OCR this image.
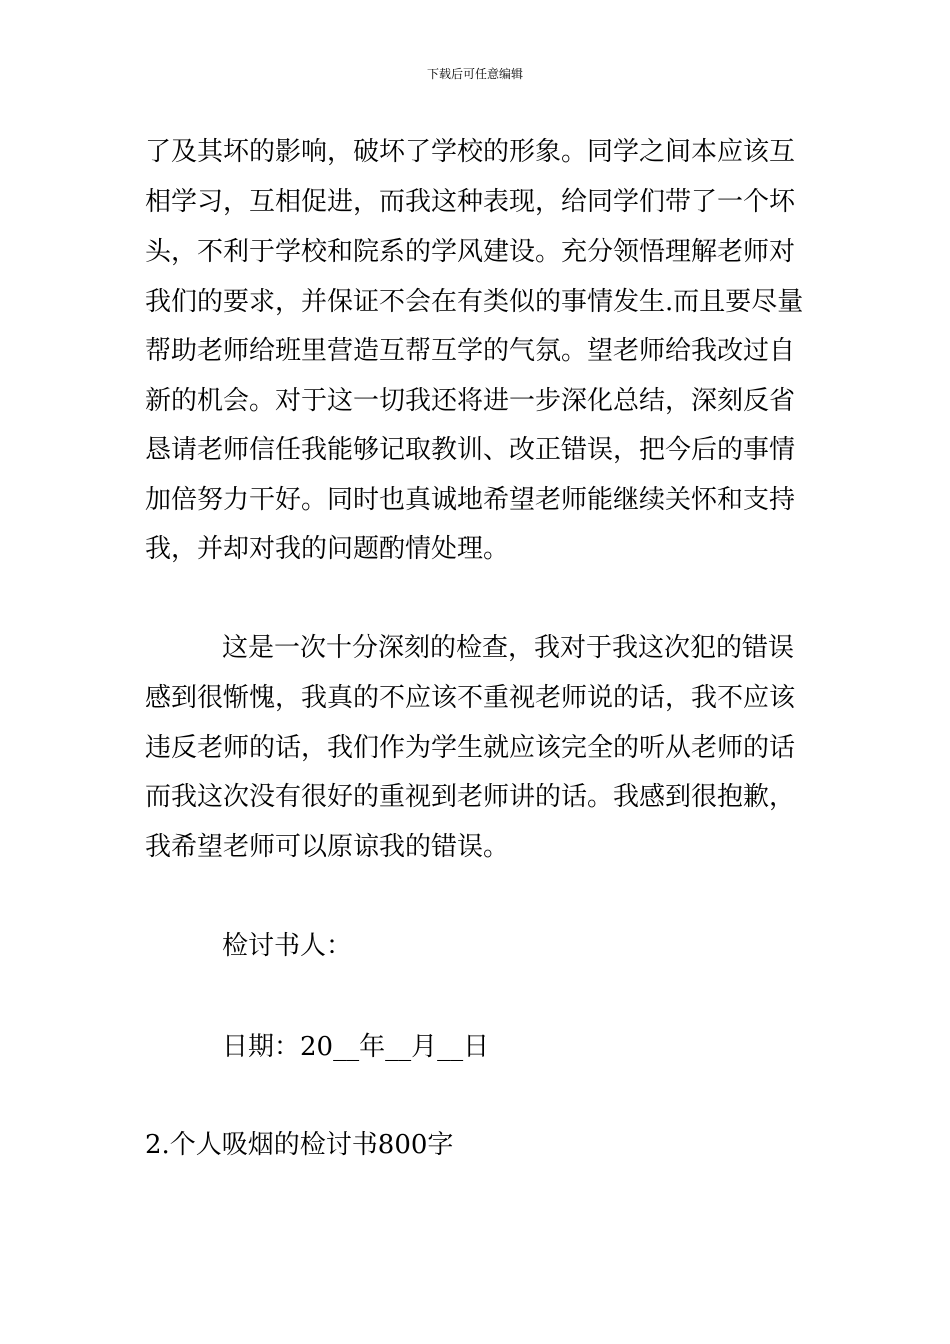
下载后可任意编辑
了及其坏的影响，破坏了学校的形象。同学之间本应该互
相学习，互相促进，而我这种表现，给同学们带了一个坏
头，不利于学校和院系的学风建设。充分领悟理解老师对
我们的要求，并保证不会在有类似的事情发生.而且要尽量
帮助老师给班里营造互帮互学的气氛。望老师给我改过自
新的机会。对于这一切我还将进一步深化总结，深刻反省
恳请老师信任我能够记取教训、改正错误，把今后的事情
加倍努力干好。同时也真诚地希望老师能继续关怀和支持
我，并却对我的问题酌情处理。
这是一次十分深刻的检查，我对于我这次犯的错误
感到很惭愧，我真的不应该不重视老师说的话，我不应该
违反老师的话，我们作为学生就应该完全的听从老师的话
而我这次没有很好的重视到老师讲的话。我感到很抱歉，
我希望老师可以原谅我的错误。
检讨书人：
日期：20__年__月__日
2.个人吸烟的检讨书800字
